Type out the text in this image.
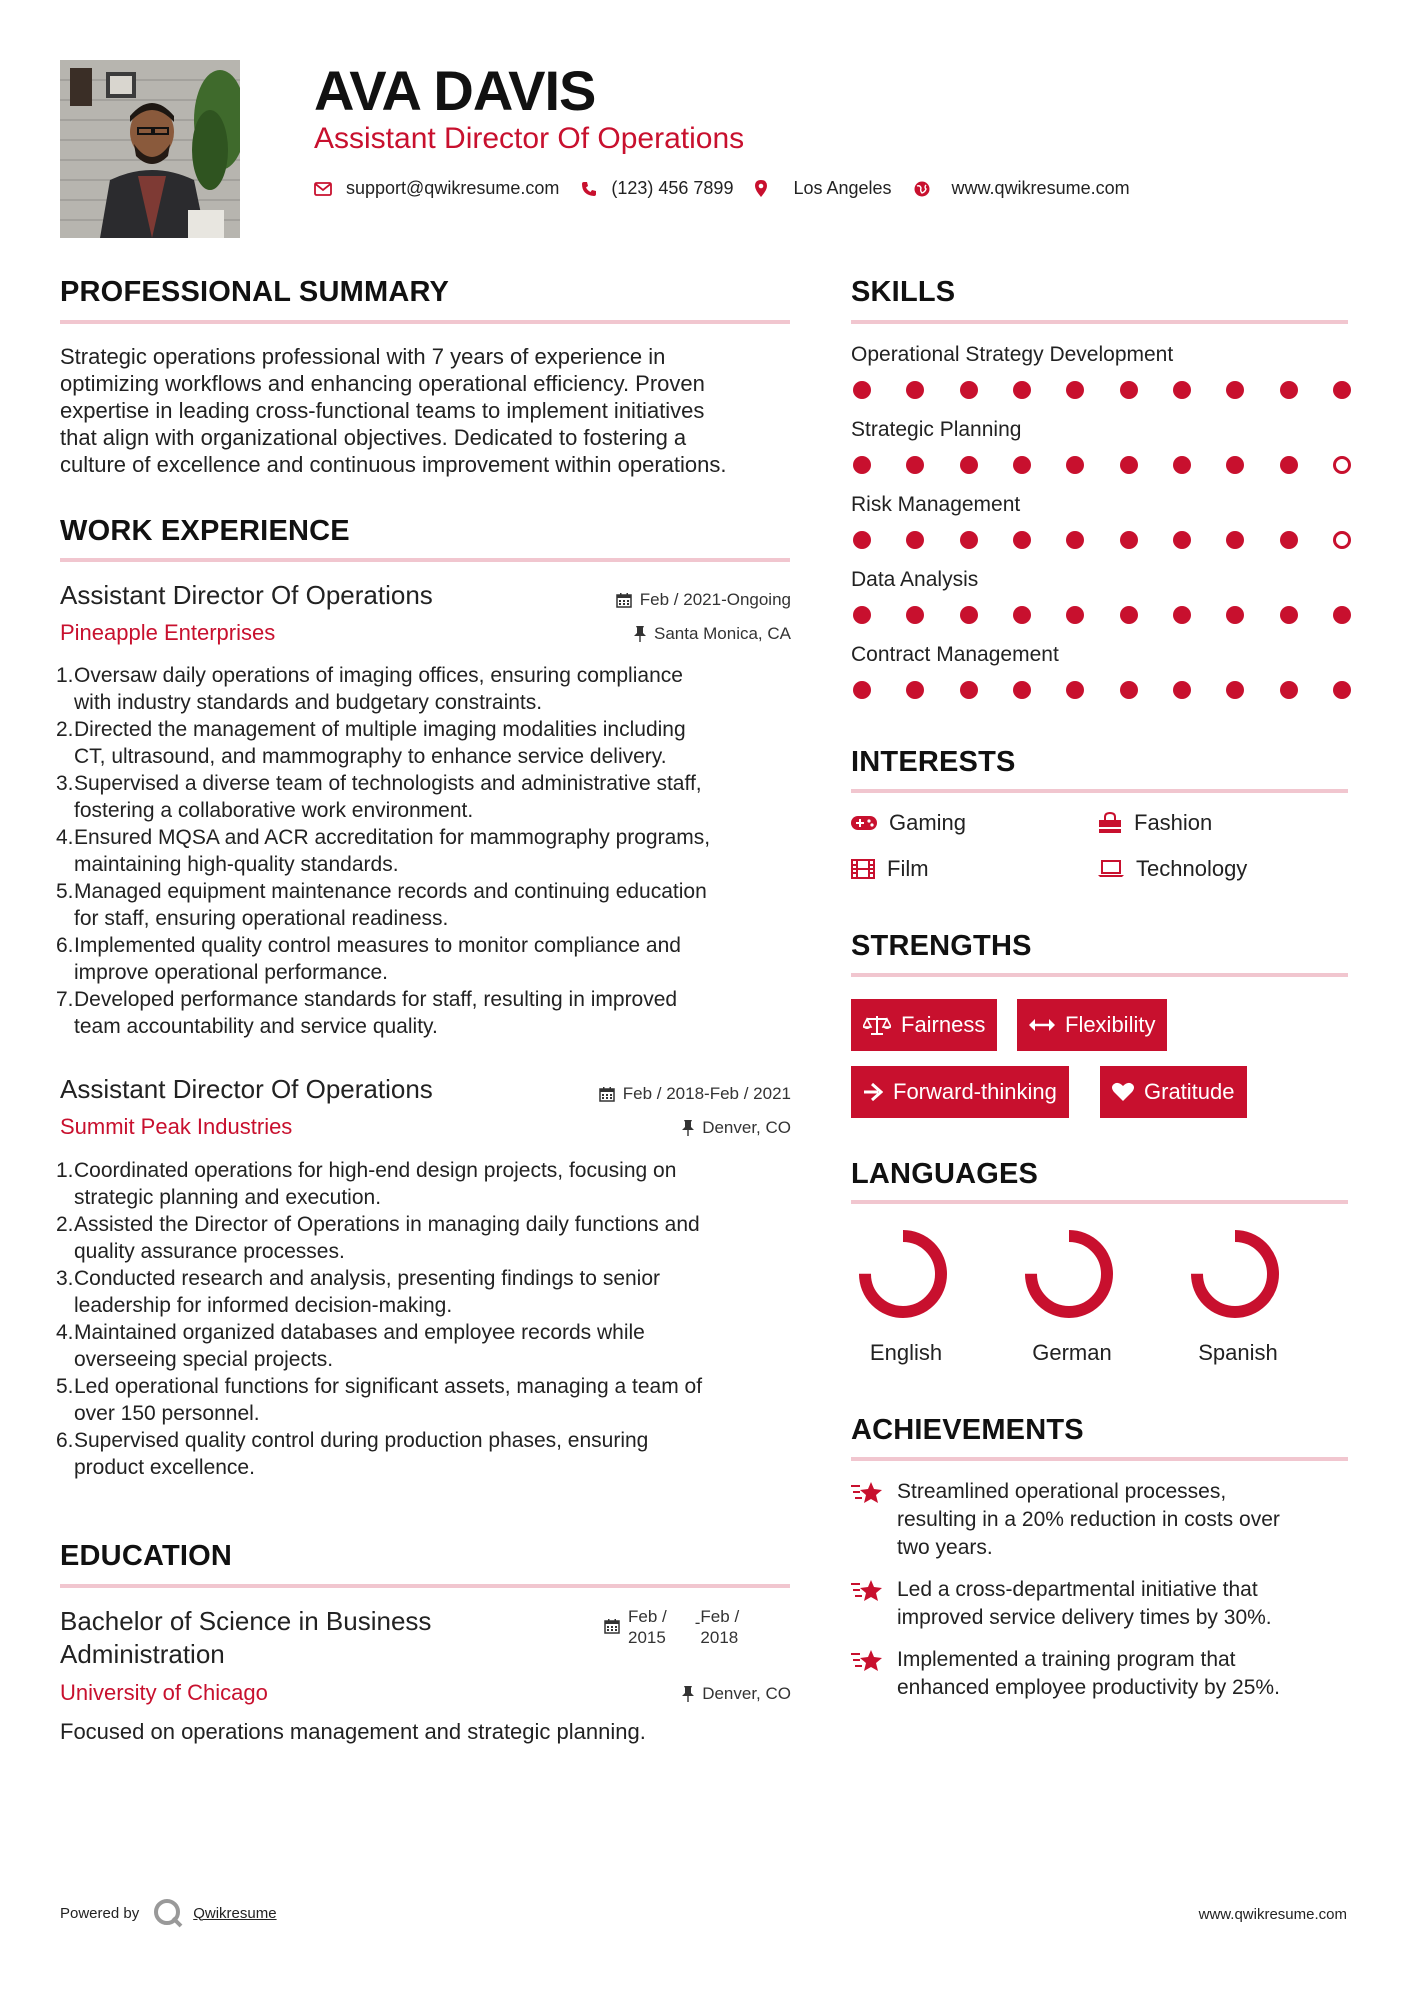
AVA DAVIS
Assistant Director Of Operations
support@qwikresume.com	(123) 456 7899	Los Angeles	www.qwikresume.com
PROFESSIONAL SUMMARY
Strategic operations professional with 7 years of experience in
optimizing workflows and enhancing operational efficiency. Proven
expertise in leading cross-functional teams to implement initiatives
that align with organizational objectives. Dedicated to fostering a
culture of excellence and continuous improvement within operations.
WORK EXPERIENCE
Assistant Director Of Operations
Pineapple Enterprises
Feb / 2021-Ongoing
Santa Monica, CA
1. Oversaw daily operations of imaging offices, ensuring compliance
with industry standards and budgetary constraints.
2. Directed the management of multiple imaging modalities including
CT, ultrasound, and mammography to enhance service delivery.
3. Supervised a diverse team of technologists and administrative staff,
fostering a collaborative work environment.
4. Ensured MQSA and ACR accreditation for mammography programs,
maintaining high-quality standards.
5. Managed equipment maintenance records and continuing education
for staff, ensuring operational readiness.
6. Implemented quality control measures to monitor compliance and
improve operational performance.
7. Developed performance standards for staff, resulting in improved
team accountability and service quality.
Assistant Director Of Operations
Summit Peak Industries
Feb / 2018-Feb / 2021
Denver, CO
1. Coordinated operations for high-end design projects, focusing on
strategic planning and execution.
2. Assisted the Director of Operations in managing daily functions and
quality assurance processes.
3. Conducted research and analysis, presenting findings to senior
leadership for informed decision-making.
4. Maintained organized databases and employee records while
overseeing special projects.
5. Led operational functions for significant assets, managing a team of
over 150 personnel.
6. Supervised quality control during production phases, ensuring
product excellence.
EDUCATION
Bachelor of Science in Business
Administration
Feb /
2015
- Feb /
2018
University of Chicago	Denver, CO
Focused on operations management and strategic planning.
SKILLS
Operational Strategy Development
Strategic Planning
Risk Management
Data Analysis
Contract Management
INTERESTS
Gaming	Fashion
Film	Technology
STRENGTHS
Fairness	Flexibility
Forward-thinking	Gratitude
LANGUAGES
English	German	Spanish
ACHIEVEMENTS
Streamlined operational processes,
resulting in a 20% reduction in costs over
two years.
Led a cross-departmental initiative that
improved service delivery times by 30%.
Implemented a training program that
enhanced employee productivity by 25%.
Powered by	Qwikresume	www.qwikresume.com
